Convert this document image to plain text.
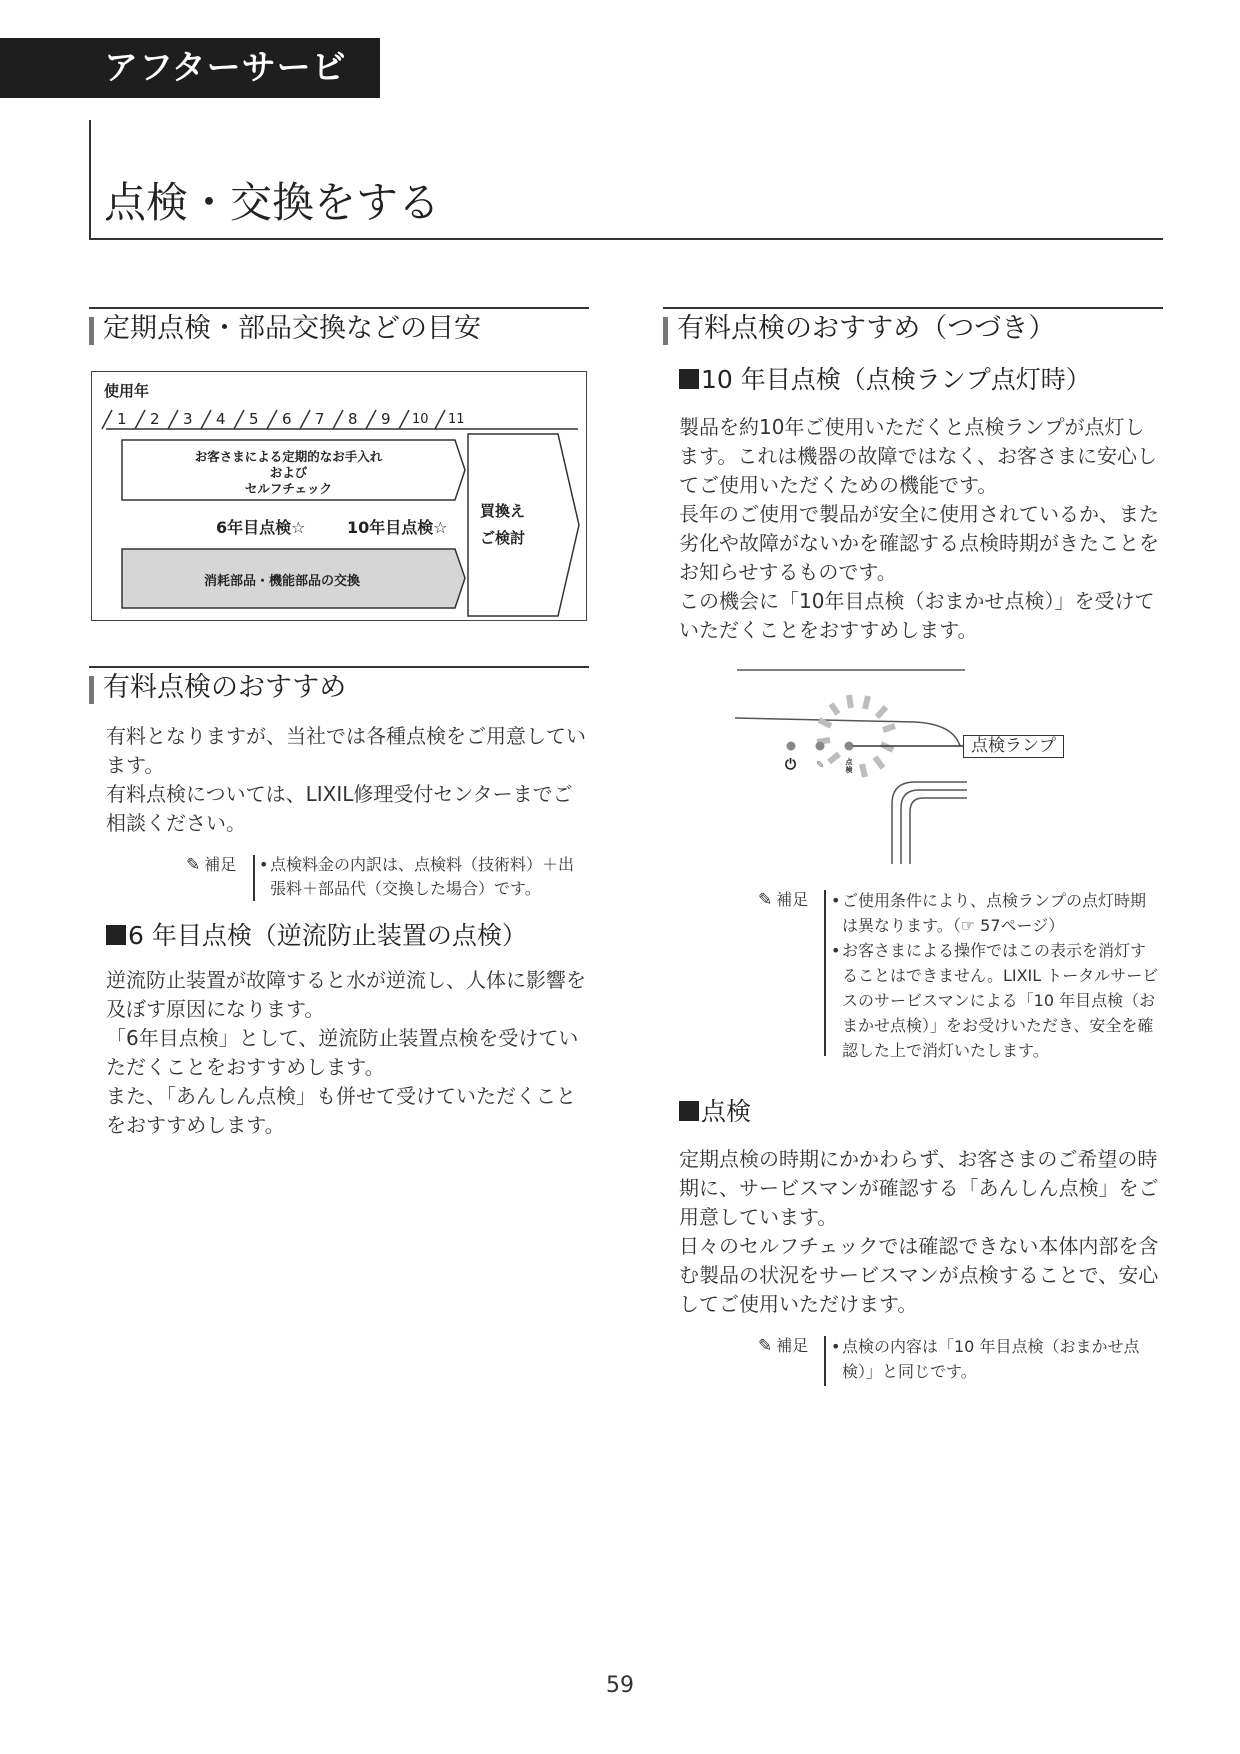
アフターサービス
点検・交換をする
定期点検・部品交換などの目安
使用年
1 2 3 4 5 6 7 8 9 10 11
お客さまによる定期的なお手入れ
および
セルフチェック
6年目点検☆	10年目点検☆
消耗部品・機能部品の交換
買換え
ご検討
有料点検のおすすめ

有料となりますが、当社では各種点検をご用意しています。

有料点検については、LIXIL修理受付センターまでご相談ください。

✎ 補足	• 点検料金の内訳は、点検料（技術料）＋出張料＋部品代（交換した場合）です。
6 年目点検（逆流防止装置の点検）

逆流防止装置が故障すると水が逆流し、人体に影響を及ぼす原因になります。

「6年目点検」として、逆流防止装置点検を受けていただくことをおすすめします。

また、「あんしん点検」も併せて受けていただくことをおすすめします。

有料点検のおすすめ（つづき）
10 年目点検（点検ランプ点灯時）

製品を約10年ご使用いただくと点検ランプが点灯します。これは機器の故障ではなく、お客さまに安心してご使用いただくための機能です。

長年のご使用で製品が安全に使用されているか、また劣化や故障がないかを確認する点検時期がきたことをお知らせするものです。

この機会に「10年目点検（おまかせ点検）」を受けていただくことをおすすめします。

⏻ ✎	点検
点検ランプ
✎ 補足	• ご使用条件により、点検ランプの点灯時期は異なります。（☞ 57ページ）
• お客さまによる操作ではこの表示を消灯することはできません。LIXIL トータルサービスのサービスマンによる「10 年目点検（おまかせ点検）」をお受けいただき、安全を確認した上で消灯いたします。
点検

定期点検の時期にかかわらず、お客さまのご希望の時期に、サービスマンが確認する「あんしん点検」をご用意しています。

日々のセルフチェックでは確認できない本体内部を含む製品の状況をサービスマンが点検することで、安心してご使用いただけます。

✎ 補足	• 点検の内容は「10 年目点検（おまかせ点検）」と同じです。
59
